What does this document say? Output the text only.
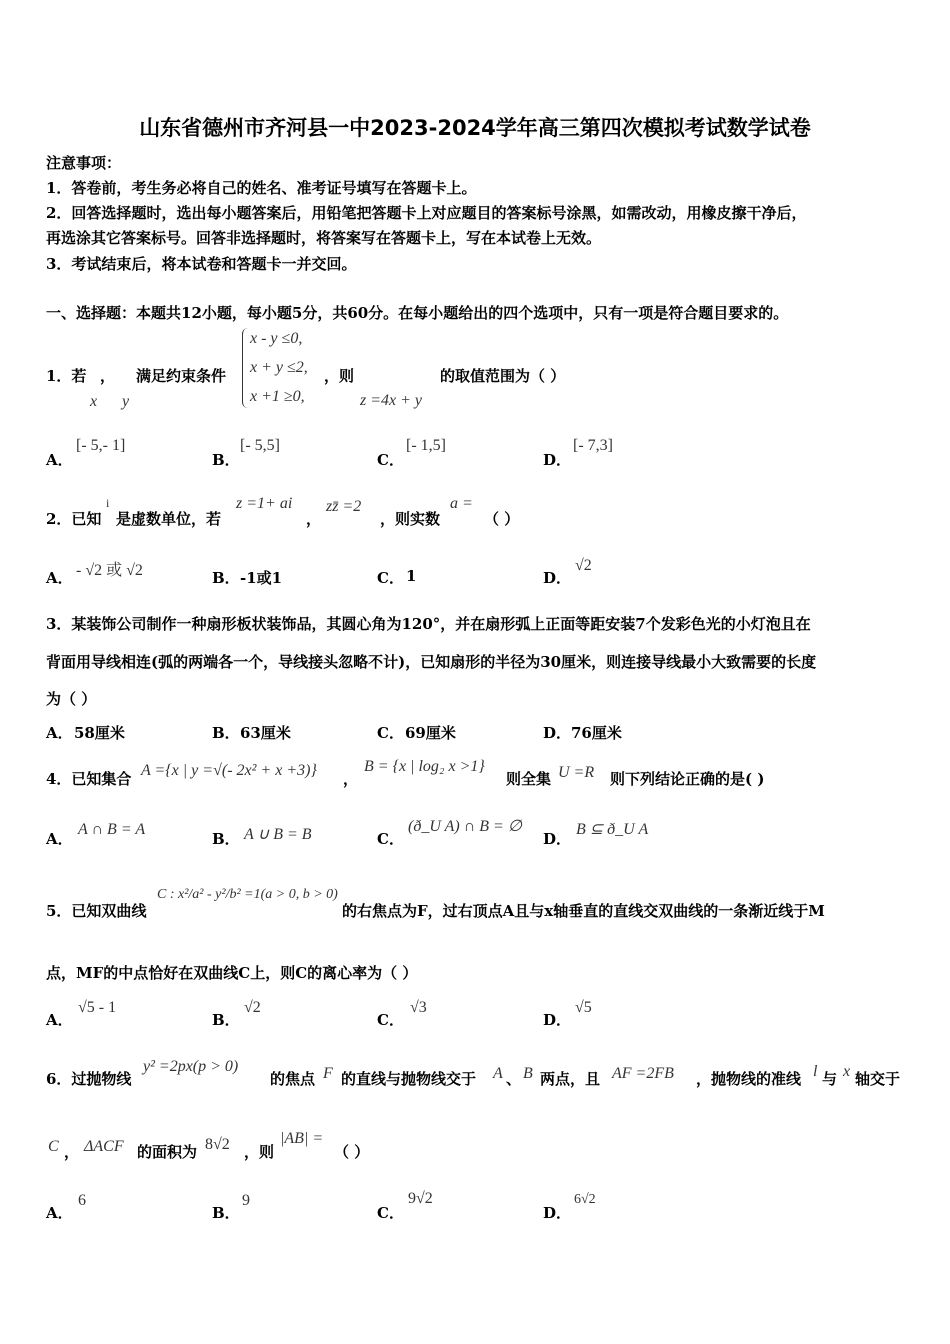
山东省德州市齐河县一中2023-2024学年高三第四次模拟考试数学试卷
注意事项：
1．答卷前，考生务必将自己的姓名、准考证号填写在答题卡上。
2．回答选择题时，选出每小题答案后，用铅笔把答题卡上对应题目的答案标号涂黑，如需改动，用橡皮擦干净后，
再选涂其它答案标号。回答非选择题时，将答案写在答题卡上，写在本试卷上无效。
3．考试结束后，将本试卷和答题卡一并交回。
一、选择题：本题共12小题，每小题5分，共60分。在每小题给出的四个选项中，只有一项是符合题目要求的。
1．若 ， 满足约束条件
x y
x - y ≤0,
x + y ≤2,
x +1 ≥0,
，则
z =4x + y
的取值范围为（ ）
A．
[- 5,- 1]
B．
[- 5,5]
C．
[- 1,5]
D．
[- 7,3]
2．已知
i
是虚数单位，若
z =1+ ai
，
zz̄ =2
，则实数
a =
（ ）
A． - √2 或 √2	B． -1或1	C． 1	D．
√2
3．某装饰公司制作一种扇形板状装饰品，其圆心角为120°，并在扇形弧上正面等距安装7个发彩色光的小灯泡且在
背面用导线相连(弧的两端各一个，导线接头忽略不计)，已知扇形的半径为30厘米，则连接导线最小大致需要的长度
为（ ）
A． 58厘米	B． 63厘米	C． 69厘米	D． 76厘米
4．已知集合 A ={x | y =√(- 2x² + x +3)} ，
B = {x | log₂ x >1}
则全集 U =R 则下列结论正确的是( )
A．
A ∩ B = A
B． A ∪ B = B	C．
(ð_U A) ∩ B = ∅
D．
B ⊆ ð_U A
5．已知双曲线
C : x²/a² - y²/b² =1(a > 0, b > 0)
的右焦点为F，过右顶点A且与x轴垂直的直线交双曲线的一条渐近线于M
点，MF的中点恰好在双曲线C上，则C的离心率为（ ）
A．
√5 - 1
B．
√2
C．
√3
D．
√5
6．过抛物线
y² =2px(p > 0)
的焦点 F 的直线与抛物线交于 A 、 B 两点，且 AF =2FB ，抛物线的准线 l 与 x 轴交于
C ， ΔACF 的面积为 8√2 ，则
|AB| =
（ ）
A．
6
B．
9
C．
9√2
D．
6√2
